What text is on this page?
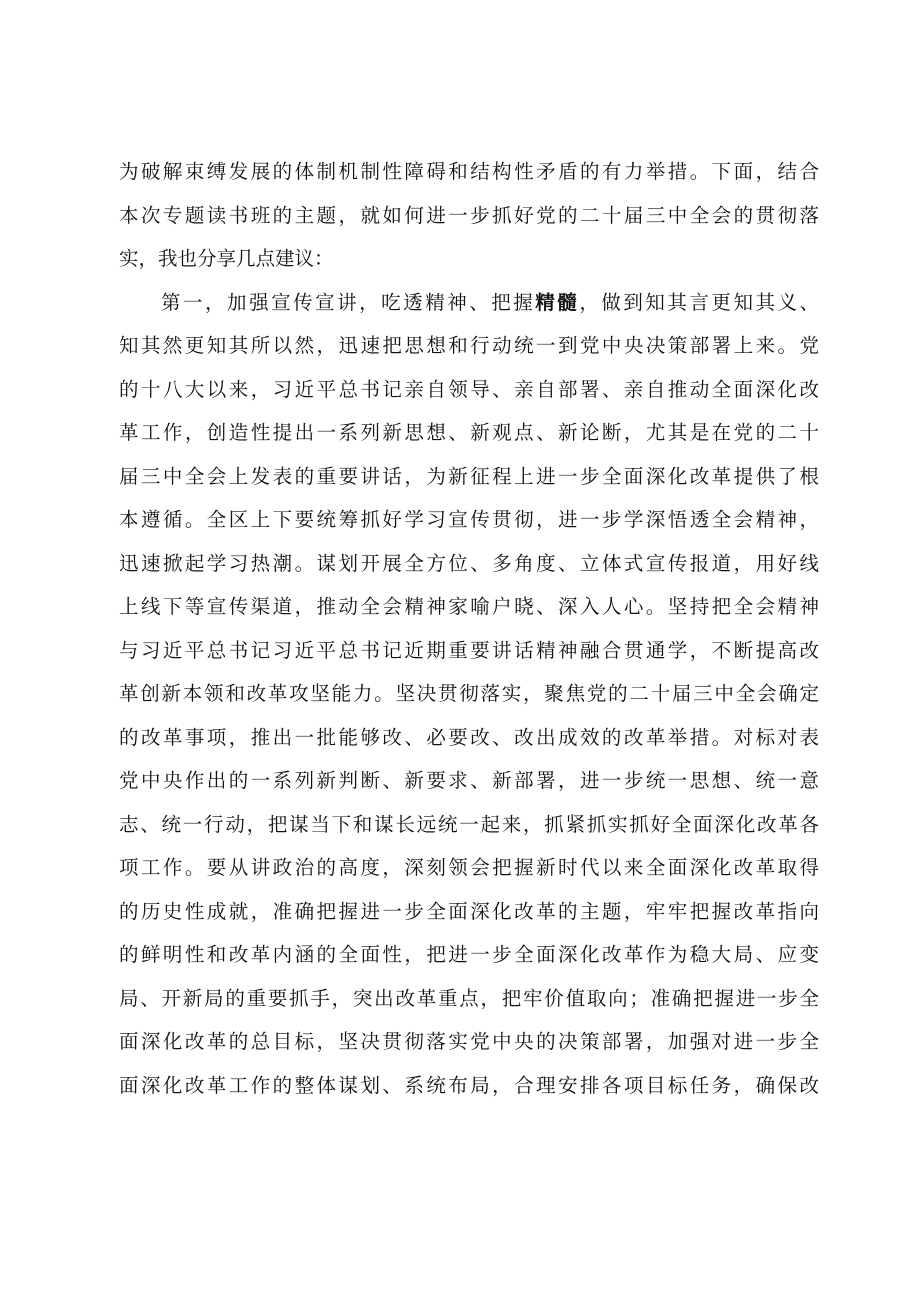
为破解束缚发展的体制机制性障碍和结构性矛盾的有力举措。下面，结合
本次专题读书班的主题，就如何进一步抓好党的二十届三中全会的贯彻落
实，我也分享几点建议：
第一，加强宣传宣讲，吃透精神、把握精髓，做到知其言更知其义、
知其然更知其所以然，迅速把思想和行动统一到党中央决策部署上来。党
的十八大以来，习近平总书记亲自领导、亲自部署、亲自推动全面深化改
革工作，创造性提出一系列新思想、新观点、新论断，尤其是在党的二十
届三中全会上发表的重要讲话，为新征程上进一步全面深化改革提供了根
本遵循。全区上下要统筹抓好学习宣传贯彻，进一步学深悟透全会精神，
迅速掀起学习热潮。谋划开展全方位、多角度、立体式宣传报道，用好线
上线下等宣传渠道，推动全会精神家喻户晓、深入人心。坚持把全会精神
与习近平总书记习近平总书记近期重要讲话精神融合贯通学，不断提高改
革创新本领和改革攻坚能力。坚决贯彻落实，聚焦党的二十届三中全会确定
的改革事项，推出一批能够改、必要改、改出成效的改革举措。对标对表
党中央作出的一系列新判断、新要求、新部署，进一步统一思想、统一意
志、统一行动，把谋当下和谋长远统一起来，抓紧抓实抓好全面深化改革各
项工作。要从讲政治的高度，深刻领会把握新时代以来全面深化改革取得
的历史性成就，准确把握进一步全面深化改革的主题，牢牢把握改革指向
的鲜明性和改革内涵的全面性，把进一步全面深化改革作为稳大局、应变
局、开新局的重要抓手，突出改革重点，把牢价值取向；准确把握进一步全
面深化改革的总目标，坚决贯彻落实党中央的决策部署，加强对进一步全
面深化改革工作的整体谋划、系统布局，合理安排各项目标任务，确保改
